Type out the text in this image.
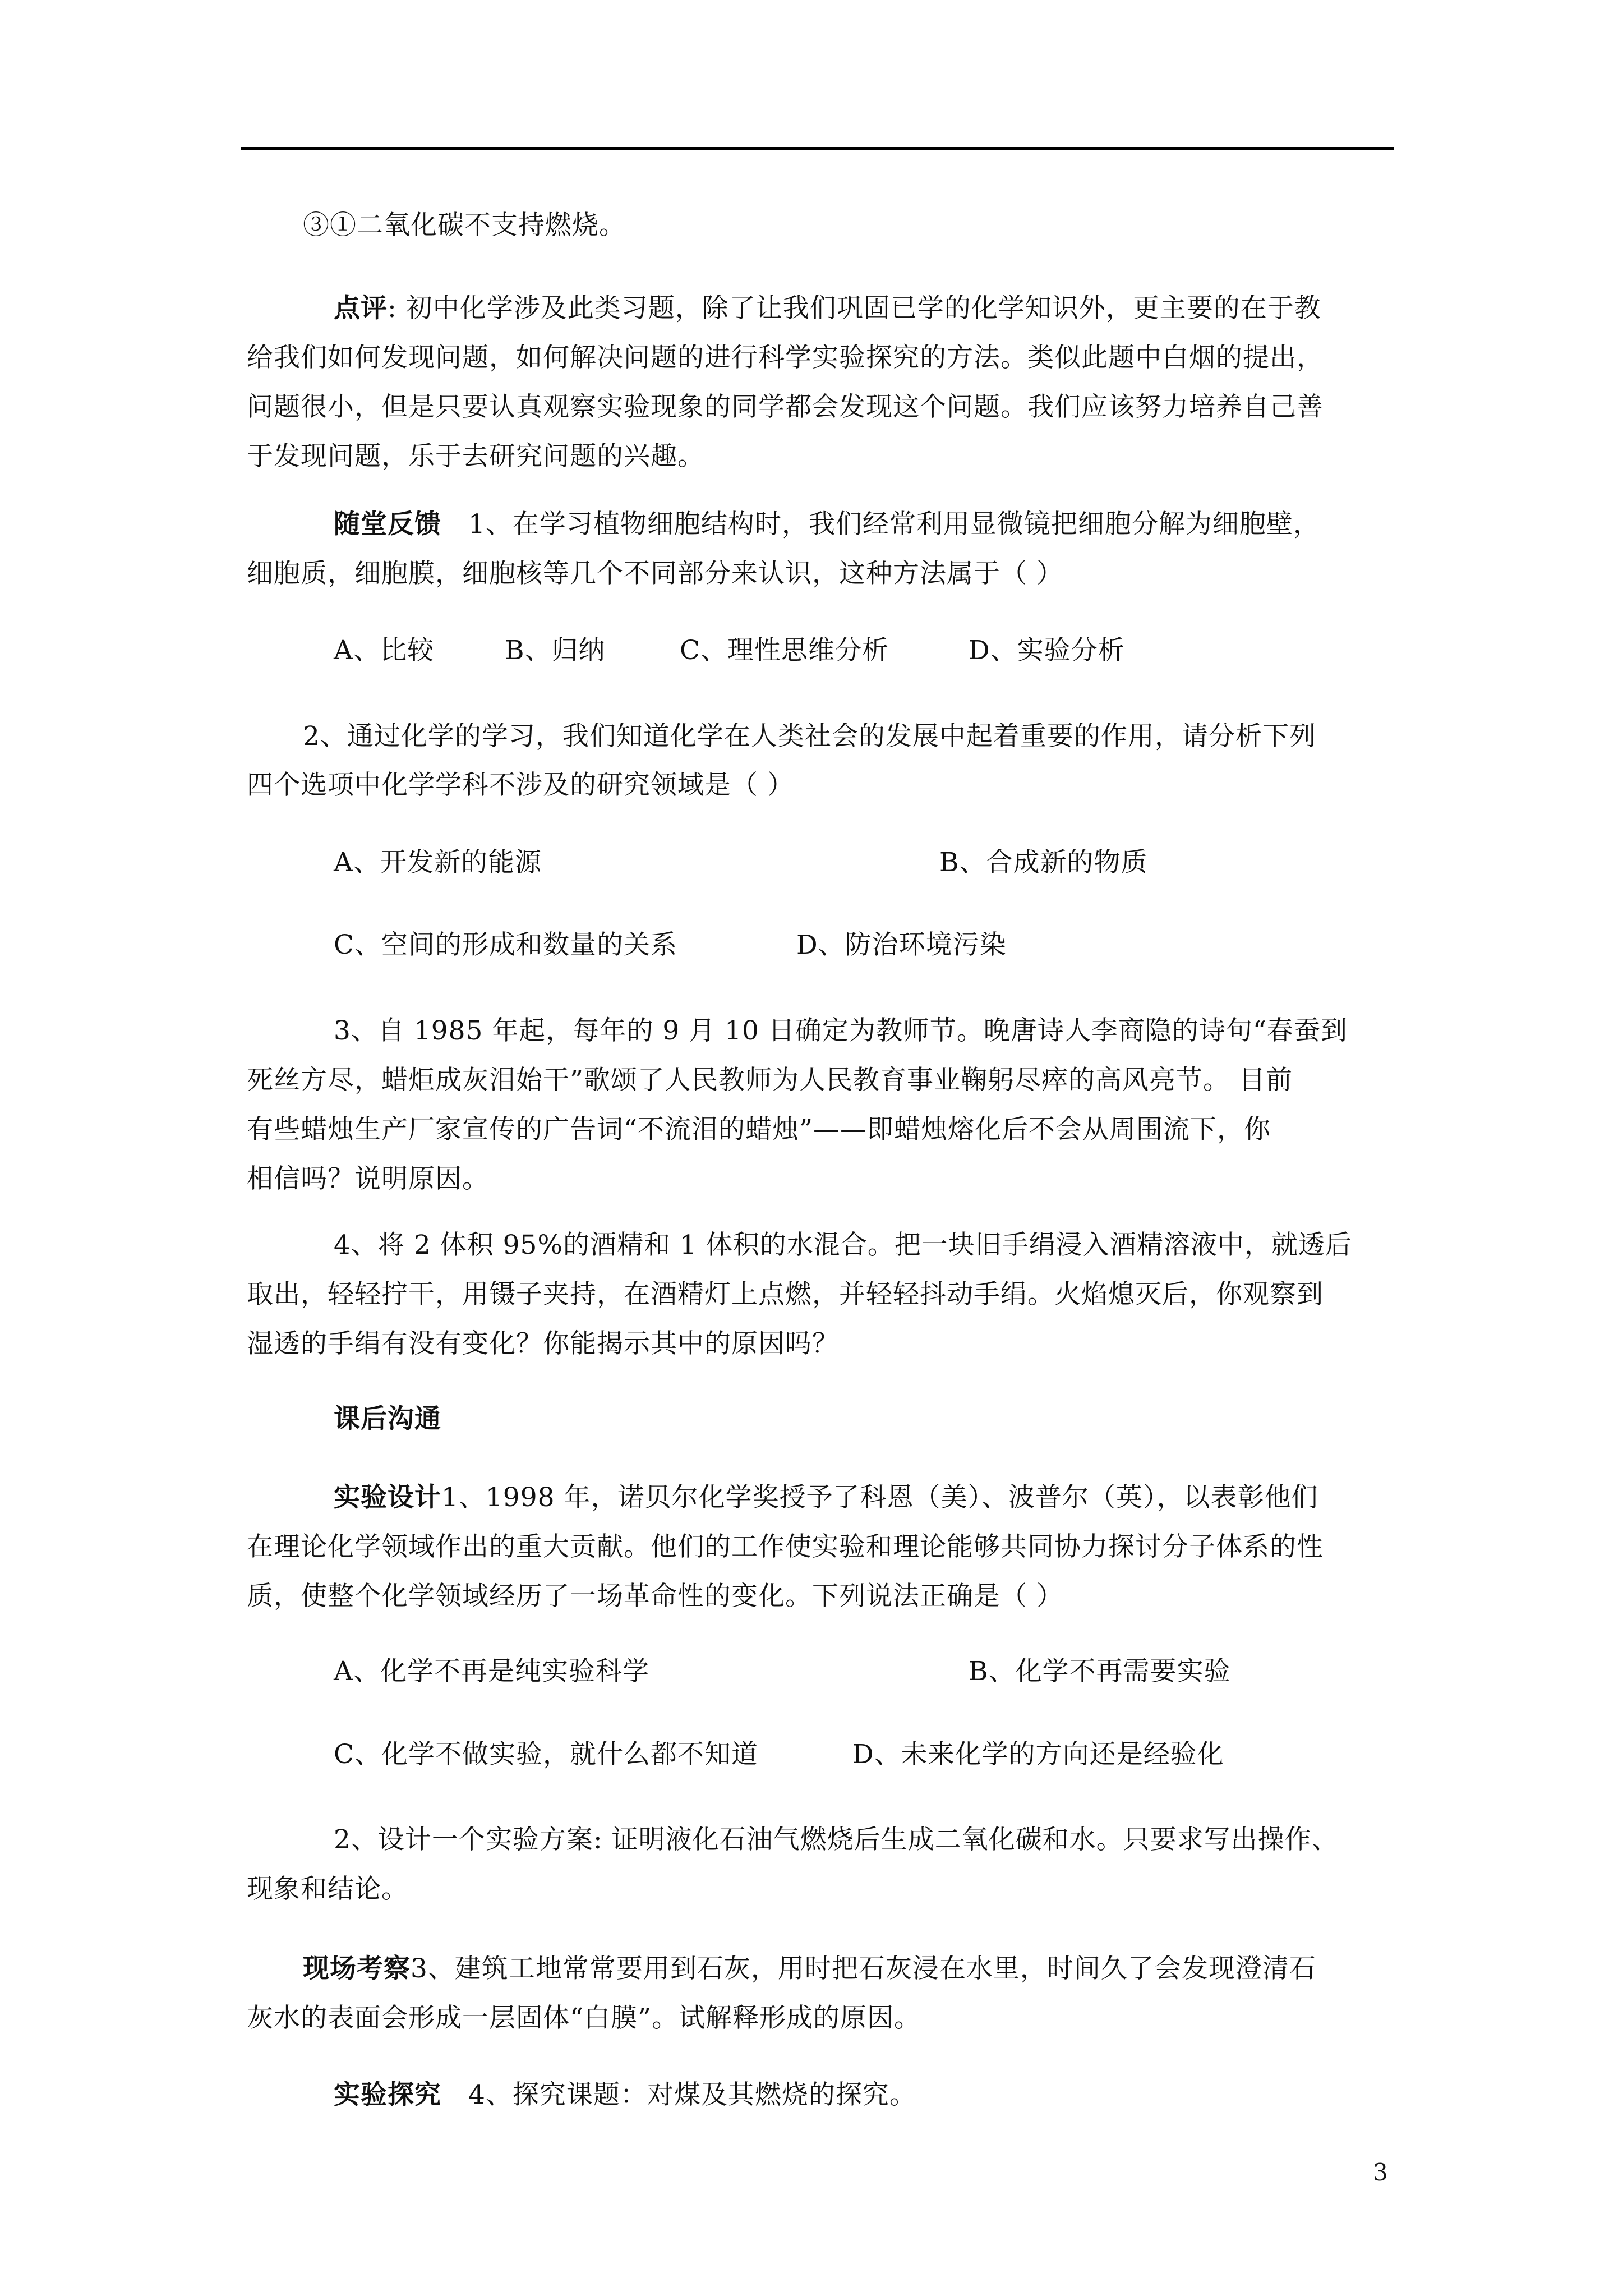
③①二氧化碳不支持燃烧。
点评: 初中化学涉及此类习题，除了让我们巩固已学的化学知识外，更主要的在于教
给我们如何发现问题，如何解决问题的进行科学实验探究的方法。类似此题中白烟的提出，
问题很小，但是只要认真观察实验现象的同学都会发现这个问题。我们应该努力培养自己善
于发现问题，乐于去研究问题的兴趣。
随堂反馈 1、在学习植物细胞结构时，我们经常利用显微镜把细胞分解为细胞壁，
细胞质，细胞膜，细胞核等几个不同部分来认识，这种方法属于（ ）
A、比较	B、归纳	C、理性思维分析	D、实验分析
2、通过化学的学习，我们知道化学在人类社会的发展中起着重要的作用，请分析下列
四个选项中化学学科不涉及的研究领域是（ ）
A、开发新的能源	B、合成新的物质
C、空间的形成和数量的关系	D、防治环境污染
3、自 1985 年起，每年的 9 月 10 日确定为教师节。晚唐诗人李商隐的诗句“春蚕到
死丝方尽，蜡炬成灰泪始干”歌颂了人民教师为人民教育事业鞠躬尽瘁的高风亮节。 目前
有些蜡烛生产厂家宣传的广告词“不流泪的蜡烛”——即蜡烛熔化后不会从周围流下，你
相信吗？说明原因。
4、将 2 体积 95%的酒精和 1 体积的水混合。把一块旧手绢浸入酒精溶液中，就透后
取出，轻轻拧干，用镊子夹持，在酒精灯上点燃，并轻轻抖动手绢。火焰熄灭后，你观察到
湿透的手绢有没有变化？你能揭示其中的原因吗？
课后沟通
实验设计1、1998 年，诺贝尔化学奖授予了科恩（美）、波普尔（英），以表彰他们
在理论化学领域作出的重大贡献。他们的工作使实验和理论能够共同协力探讨分子体系的性
质，使整个化学领域经历了一场革命性的变化。下列说法正确是（ ）
A、化学不再是纯实验科学	B、化学不再需要实验
C、化学不做实验，就什么都不知道	D、未来化学的方向还是经验化
2、设计一个实验方案: 证明液化石油气燃烧后生成二氧化碳和水。只要求写出操作、
现象和结论。
现场考察3、建筑工地常常要用到石灰，用时把石灰浸在水里，时间久了会发现澄清石
灰水的表面会形成一层固体“白膜”。试解释形成的原因。
实验探究 4、探究课题：对煤及其燃烧的探究。
3
